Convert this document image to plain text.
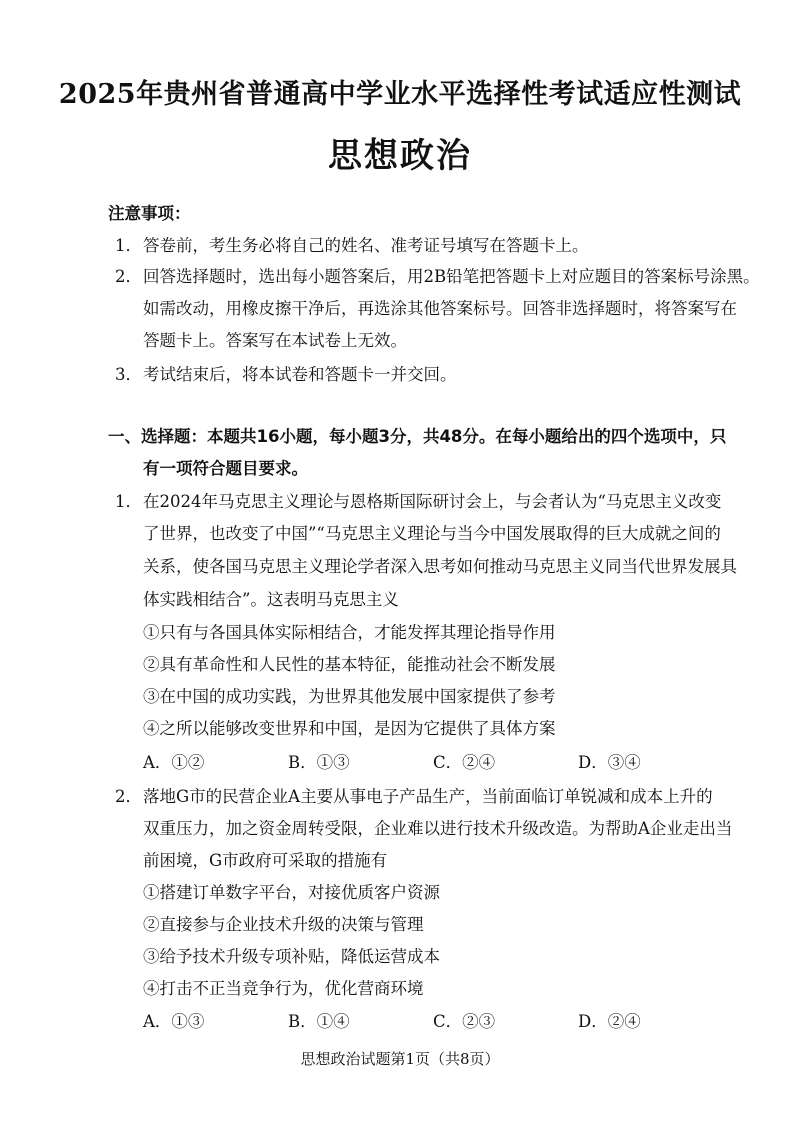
2025年贵州省普通高中学业水平选择性考试适应性测试
思想政治
注意事项：
1． 答卷前，考生务必将自己的姓名、准考证号填写在答题卡上。
2． 回答选择题时，选出每小题答案后，用2B铅笔把答题卡上对应题目的答案标号涂黑。
如需改动，用橡皮擦干净后，再选涂其他答案标号。回答非选择题时，将答案写在
答题卡上。答案写在本试卷上无效。
3． 考试结束后，将本试卷和答题卡一并交回。
一、选择题：本题共16小题，每小题3分，共48分。在每小题给出的四个选项中，只
有一项符合题目要求。
1． 在2024年马克思主义理论与恩格斯国际研讨会上，与会者认为“马克思主义改变
了世界，也改变了中国”“马克思主义理论与当今中国发展取得的巨大成就之间的
关系，使各国马克思主义理论学者深入思考如何推动马克思主义同当代世界发展具
体实践相结合”。这表明马克思主义
①只有与各国具体实际相结合，才能发挥其理论指导作用
②具有革命性和人民性的基本特征，能推动社会不断发展
③在中国的成功实践，为世界其他发展中国家提供了参考
④之所以能够改变世界和中国，是因为它提供了具体方案
A．①②	B．①③	C．②④	D．③④
2． 落地G市的民营企业A主要从事电子产品生产，当前面临订单锐减和成本上升的
双重压力，加之资金周转受限，企业难以进行技术升级改造。为帮助A企业走出当
前困境，G市政府可采取的措施有
①搭建订单数字平台，对接优质客户资源
②直接参与企业技术升级的决策与管理
③给予技术升级专项补贴，降低运营成本
④打击不正当竞争行为，优化营商环境
A．①③	B．①④	C．②③	D．②④
思想政治试题第1页（共8页）
